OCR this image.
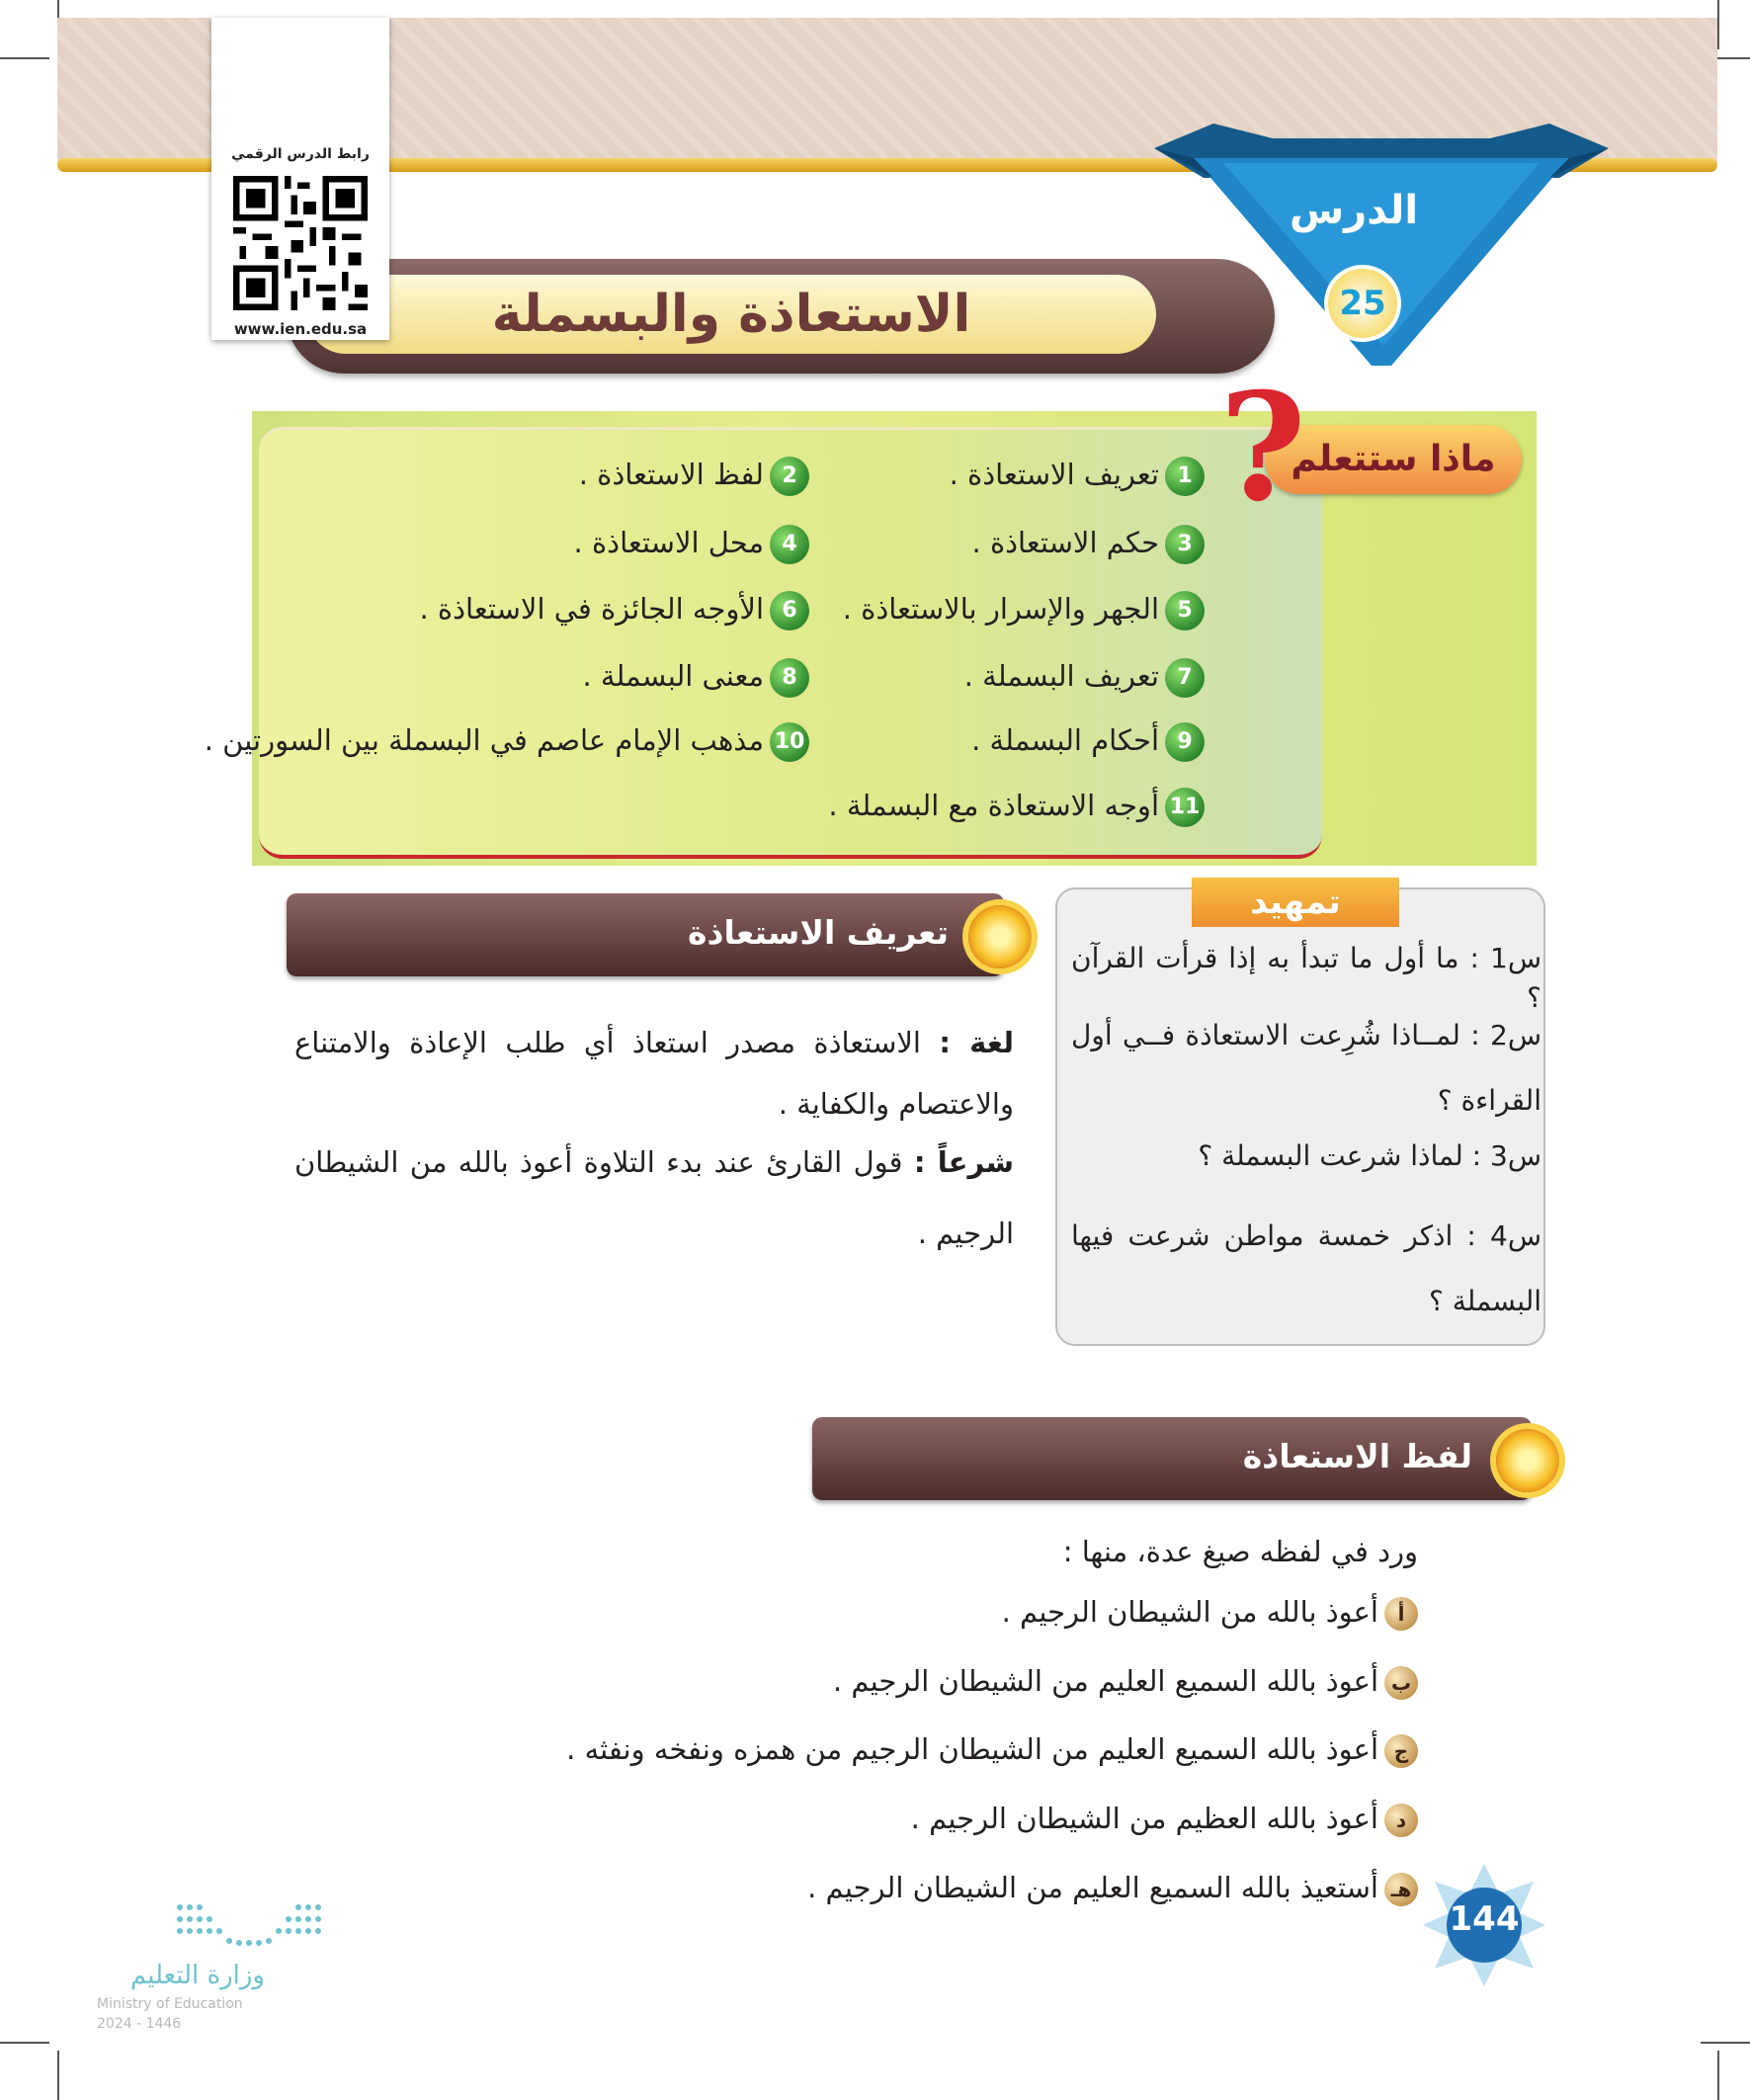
الدرس
الاستعاذة والبسملة	25
رابط الدرس الرقمي
www.ien.edu.sa
ماذا ستتعلم
?
1تعريف الاستعاذة .
3حكم الاستعاذة .
5الجهر والإسرار بالاستعاذة .
7تعريف البسملة .
9أحكام البسملة .
11أوجه الاستعاذة مع البسملة .
2لفظ الاستعاذة .
4محل الاستعاذة .
6الأوجه الجائزة في الاستعاذة .
8معنى البسملة .
10مذهب الإمام عاصم في البسملة بين السورتين .
تمهيد
س1 : ما أول ما تبدأ به إذا قرأت القرآن ؟
س2 : لمــاذا شُرِعت الاستعاذة فــي أول القراءة ؟
س3 : لماذا شرعت البسملة ؟
س4 : اذكر خمسة مواطن شرعت فيها البسملة ؟
تعريف الاستعاذة
لغة : الاستعاذة مصدر استعاذ أي طلب الإعاذة والامتناع والاعتصام والكفاية .
شرعاً : قول القارئ عند بدء التلاوة أعوذ بالله من الشيطان الرجيم .
لفظ الاستعاذة
ورد في لفظه صيغ عدة، منها :
أأعوذ بالله من الشيطان الرجيم .
بأعوذ بالله السميع العليم من الشيطان الرجيم .
جأعوذ بالله السميع العليم من الشيطان الرجيم من همزه ونفخه ونفثه .
دأعوذ بالله العظيم من الشيطان الرجيم .
هـأستعيذ بالله السميع العليم من الشيطان الرجيم .
144
وزارة التعليم
Ministry of Education
2024 - 1446
